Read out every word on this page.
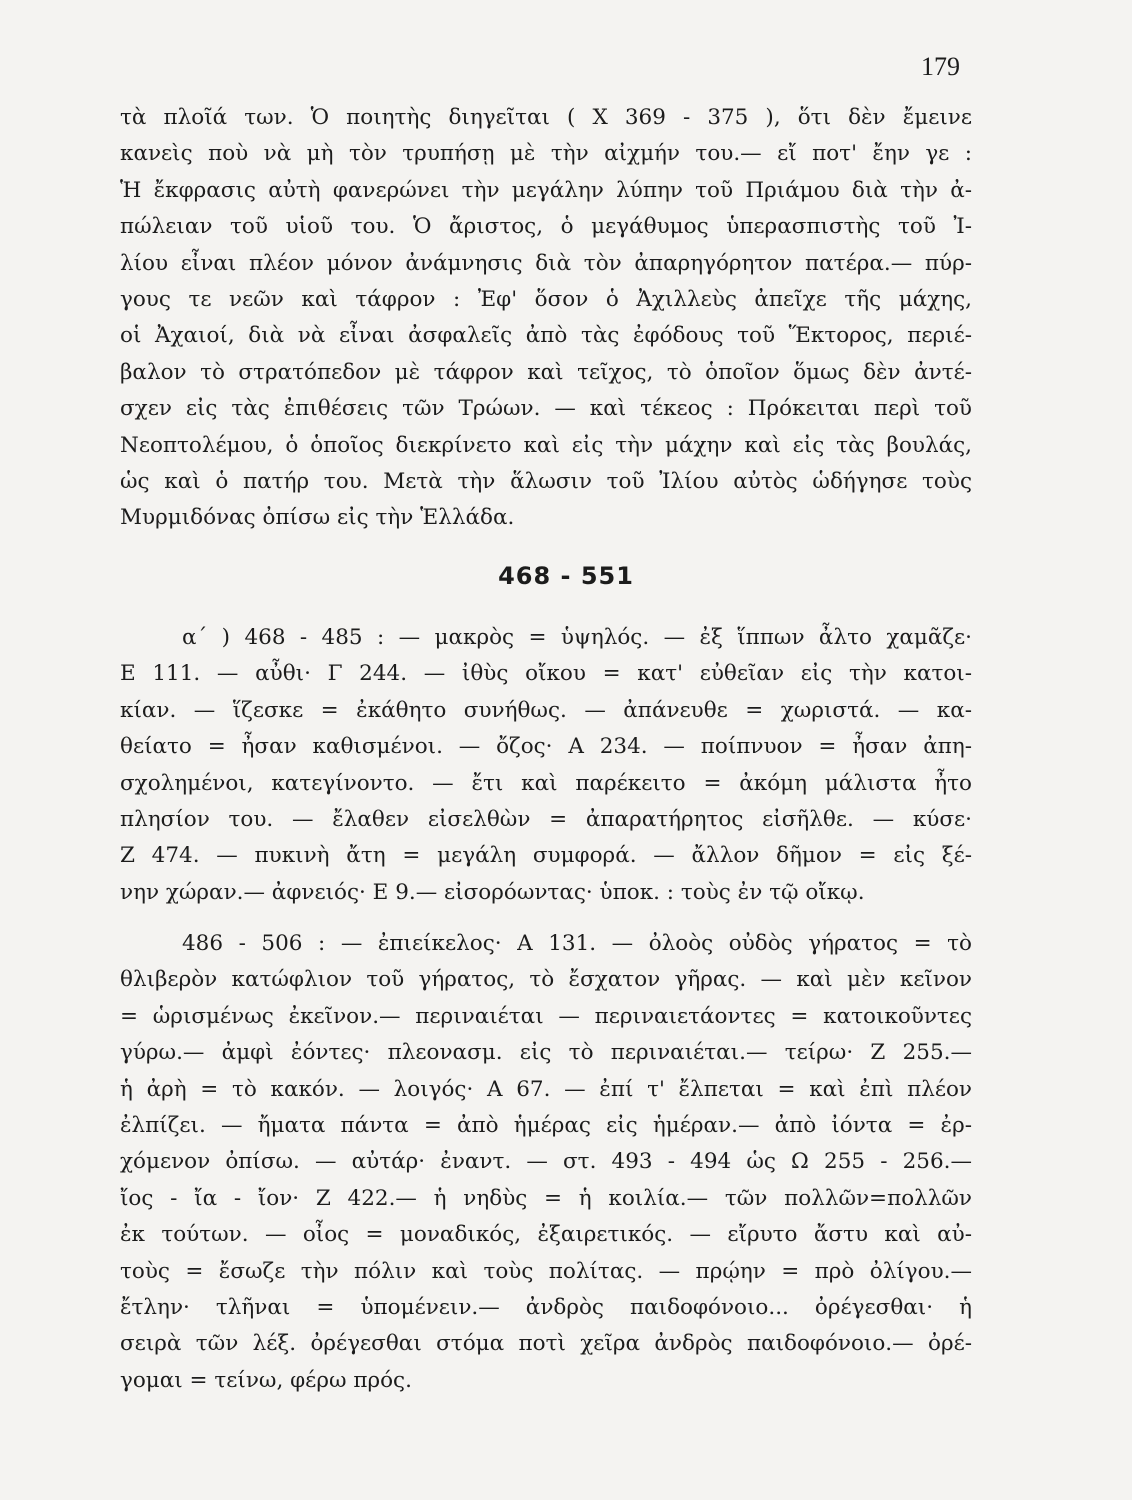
179
τὰ πλοῖά των. Ὁ ποιητὴς διηγεῖται ( Χ 369 - 375 ), ὅτι δὲν ἔμεινε
κανεὶς ποὺ νὰ μὴ τὸν τρυπήσῃ μὲ τὴν αἰχμήν του.— εἴ ποτ' ἔην γε :
Ἡ ἔκφρασις αὐτὴ φανερώνει τὴν μεγάλην λύπην τοῦ Πριάμου διὰ τὴν ἀ-
πώλειαν τοῦ υἱοῦ του. Ὁ ἄριστος, ὁ μεγάθυμος ὑπερασπιστὴς τοῦ Ἰ-
λίου εἶναι πλέον μόνον ἀνάμνησις διὰ τὸν ἀπαρηγόρητον πατέρα.— πύρ-
γους τε νεῶν καὶ τάφρον : Ἐφ' ὅσον ὁ Ἀχιλλεὺς ἀπεῖχε τῆς μάχης,
οἱ Ἀχαιοί, διὰ νὰ εἶναι ἀσφαλεῖς ἀπὸ τὰς ἐφόδους τοῦ Ἕκτορος, περιέ-
βαλον τὸ στρατόπεδον μὲ τάφρον καὶ τεῖχος, τὸ ὁποῖον ὅμως δὲν ἀντέ-
σχεν εἰς τὰς ἐπιθέσεις τῶν Τρώων. — καὶ τέκεος : Πρόκειται περὶ τοῦ
Νεοπτολέμου, ὁ ὁποῖος διεκρίνετο καὶ εἰς τὴν μάχην καὶ εἰς τὰς βουλάς,
ὡς καὶ ὁ πατήρ του. Μετὰ τὴν ἅλωσιν τοῦ Ἰλίου αὐτὸς ὡδήγησε τοὺς
Μυρμιδόνας ὀπίσω εἰς τὴν Ἑλλάδα.
468 - 551
α΄ ) 468 - 485 : — μακρὸς = ὑψηλός. — ἐξ ἵππων ἆλτο χαμᾶζε·
Ε 111. — αὖθι· Γ 244. — ἰθὺς οἴκου = κατ' εὐθεῖαν εἰς τὴν κατοι-
κίαν. — ἵζεσκε = ἐκάθητο συνήθως. — ἀπάνευθε = χωριστά. — κα-
θείατο = ἦσαν καθισμένοι. — ὄζος· Α 234. — ποίπνυον = ἦσαν ἀπη-
σχολημένοι, κατεγίνοντο. — ἔτι καὶ παρέκειτο = ἀκόμη μάλιστα ἦτο
πλησίον του. — ἔλαθεν εἰσελθὼν = ἀπαρατήρητος εἰσῆλθε. — κύσε·
Ζ 474. — πυκινὴ ἄτη = μεγάλη συμφορά. — ἄλλον δῆμον = εἰς ξέ-
νην χώραν.— ἀφνειός· Ε 9.— εἰσορόωντας· ὑποκ. : τοὺς ἐν τῷ οἴκῳ.
486 - 506 : — ἐπιείκελος· Α 131. — ὀλοὸς οὐδὸς γήρατος = τὸ
θλιβερὸν κατώφλιον τοῦ γήρατος, τὸ ἔσχατον γῆρας. — καὶ μὲν κεῖνον
= ὡρισμένως ἐκεῖνον.— περιναιέται — περιναιετάοντες = κατοικοῦντες
γύρω.— ἀμφὶ ἐόντες· πλεονασμ. εἰς τὸ περιναιέται.— τείρω· Ζ 255.—
ἡ ἀρὴ = τὸ κακόν. — λοιγός· Α 67. — ἐπί τ' ἔλπεται = καὶ ἐπὶ πλέον
ἐλπίζει. — ἤματα πάντα = ἀπὸ ἡμέρας εἰς ἡμέραν.— ἀπὸ ἰόντα = ἐρ-
χόμενον ὀπίσω. — αὐτάρ· ἐναντ. — στ. 493 - 494 ὡς Ω 255 - 256.—
ἴος - ἴα - ἴον· Ζ 422.— ἡ νηδὺς = ἡ κοιλία.— τῶν πολλῶν=πολλῶν
ἐκ τούτων. — οἶος = μοναδικός, ἐξαιρετικός. — εἴρυτο ἄστυ καὶ αὐ-
τοὺς = ἔσωζε τὴν πόλιν καὶ τοὺς πολίτας. — πρῴην = πρὸ ὀλίγου.—
ἔτλην· τλῆναι = ὑπομένειν.— ἀνδρὸς παιδοφόνοιο... ὀρέγεσθαι· ἡ
σειρὰ τῶν λέξ. ὀρέγεσθαι στόμα ποτὶ χεῖρα ἀνδρὸς παιδοφόνοιο.— ὀρέ-
γομαι = τείνω, φέρω πρός.
